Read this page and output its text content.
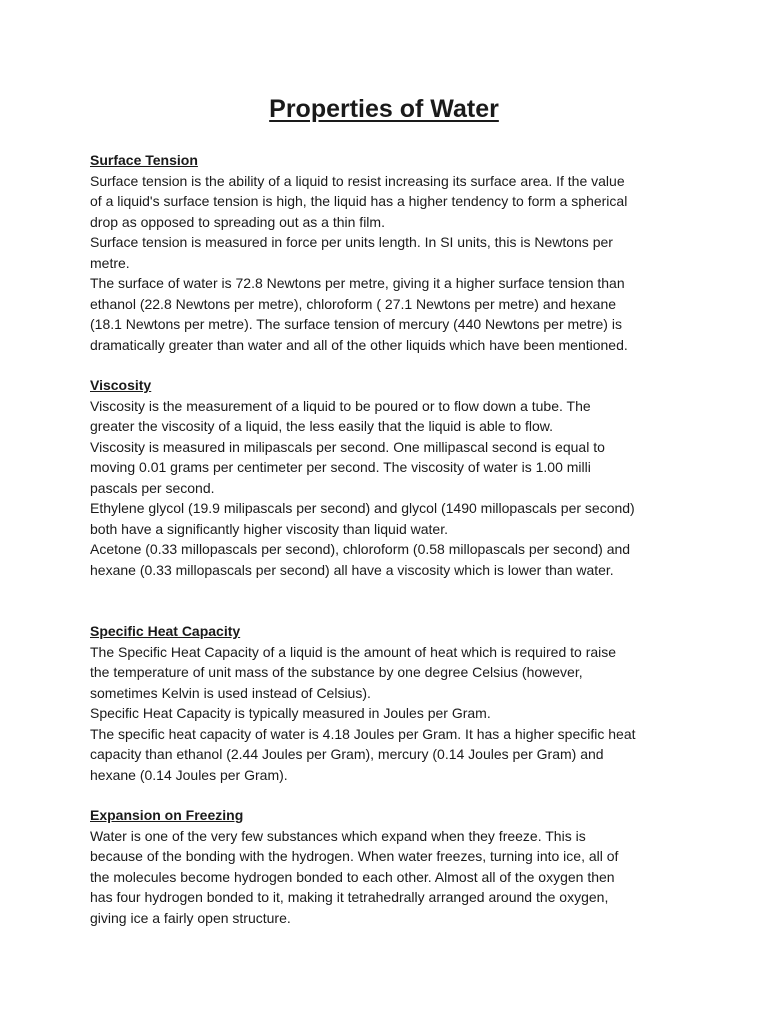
Properties of Water
Surface Tension

Surface tension is the ability of a liquid to resist increasing its surface area. If the value
of a liquid's surface tension is high, the liquid has a higher tendency to form a spherical
drop as opposed to spreading out as a thin film.

Surface tension is measured in force per units length. In SI units, this is Newtons per
metre.

The surface of water is 72.8 Newtons per metre, giving it a higher surface tension than
ethanol (22.8 Newtons per metre), chloroform ( 27.1 Newtons per metre) and hexane
(18.1 Newtons per metre). The surface tension of mercury (440 Newtons per metre) is
dramatically greater than water and all of the other liquids which have been mentioned.

Viscosity

Viscosity is the measurement of a liquid to be poured or to flow down a tube. The
greater the viscosity of a liquid, the less easily that the liquid is able to flow.

Viscosity is measured in milipascals per second. One millipascal second is equal to
moving 0.01 grams per centimeter per second. The viscosity of water is 1.00 milli
pascals per second.

Ethylene glycol (19.9 milipascals per second) and glycol (1490 millopascals per second)
both have a significantly higher viscosity than liquid water.

Acetone (0.33 millopascals per second), chloroform (0.58 millopascals per second) and
hexane (0.33 millopascals per second) all have a viscosity which is lower than water.

Specific Heat Capacity

The Specific Heat Capacity of a liquid is the amount of heat which is required to raise
the temperature of unit mass of the substance by one degree Celsius (however,
sometimes Kelvin is used instead of Celsius).

Specific Heat Capacity is typically measured in Joules per Gram.

The specific heat capacity of water is 4.18 Joules per Gram. It has a higher specific heat
capacity than ethanol (2.44 Joules per Gram), mercury (0.14 Joules per Gram) and
hexane (0.14 Joules per Gram).

Expansion on Freezing

Water is one of the very few substances which expand when they freeze. This is
because of the bonding with the hydrogen. When water freezes, turning into ice, all of
the molecules become hydrogen bonded to each other. Almost all of the oxygen then
has four hydrogen bonded to it, making it tetrahedrally arranged around the oxygen,
giving ice a fairly open structure.
